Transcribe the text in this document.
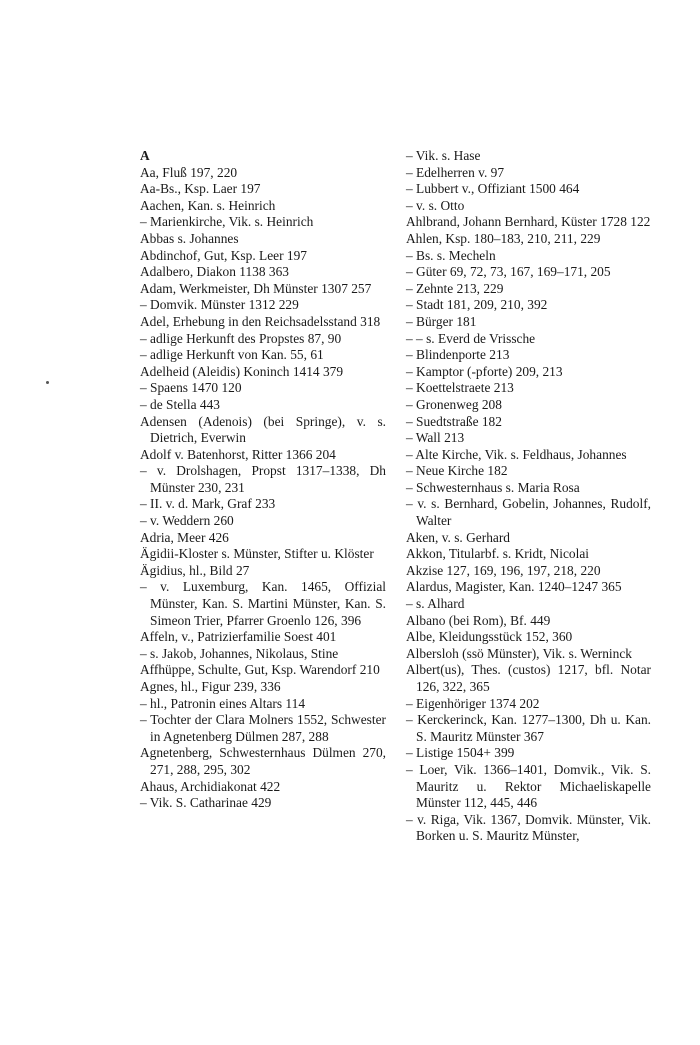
A
Aa, Fluß 197, 220
Aa-Bs., Ksp. Laer 197
Aachen, Kan. s. Heinrich
– Marienkirche, Vik. s. Heinrich
Abbas s. Johannes
Abdinchof, Gut, Ksp. Leer 197
Adalbero, Diakon 1138 363
Adam, Werkmeister, Dh Münster 1307 257
– Domvik. Münster 1312 229
Adel, Erhebung in den Reichsadelsstand 318
– adlige Herkunft des Propstes 87, 90
– adlige Herkunft von Kan. 55, 61
Adelheid (Aleidis) Koninch 1414 379
– Spaens 1470 120
– de Stella 443
Adensen (Adenois) (bei Springe), v. s. Dietrich, Everwin
Adolf v. Batenhorst, Ritter 1366 204
– v. Drolshagen, Propst 1317–1338, Dh Münster 230, 231
– II. v. d. Mark, Graf 233
– v. Weddern 260
Adria, Meer 426
Ägidii-Kloster s. Münster, Stifter u. Klöster
Ägidius, hl., Bild 27
– v. Luxemburg, Kan. 1465, Offizial Münster, Kan. S. Martini Münster, Kan. S. Simeon Trier, Pfarrer Groenlo 126, 396
Affeln, v., Patrizierfamilie Soest 401
– s. Jakob, Johannes, Nikolaus, Stine
Affhüppe, Schulte, Gut, Ksp. Warendorf 210
Agnes, hl., Figur 239, 336
– hl., Patronin eines Altars 114
– Tochter der Clara Molners 1552, Schwester in Agnetenberg Dülmen 287, 288
Agnetenberg, Schwesternhaus Dülmen 270, 271, 288, 295, 302
Ahaus, Archidiakonat 422
– Vik. S. Catharinae 429
– Vik. s. Hase
– Edelherren v. 97
– Lubbert v., Offiziant 1500 464
– v. s. Otto
Ahlbrand, Johann Bernhard, Küster 1728 122
Ahlen, Ksp. 180–183, 210, 211, 229
– Bs. s. Mecheln
– Güter 69, 72, 73, 167, 169–171, 205
– Zehnte 213, 229
– Stadt 181, 209, 210, 392
– Bürger 181
– – s. Everd de Vrissche
– Blindenporte 213
– Kamptor (-pforte) 209, 213
– Koettelstraete 213
– Gronenweg 208
– Suedtstraße 182
– Wall 213
– Alte Kirche, Vik. s. Feldhaus, Johannes
– Neue Kirche 182
– Schwesternhaus s. Maria Rosa
– v. s. Bernhard, Gobelin, Johannes, Rudolf, Walter
Aken, v. s. Gerhard
Akkon, Titularbf. s. Kridt, Nicolai
Akzise 127, 169, 196, 197, 218, 220
Alardus, Magister, Kan. 1240–1247 365
– s. Alhard
Albano (bei Rom), Bf. 449
Albe, Kleidungsstück 152, 360
Albersloh (ssö Münster), Vik. s. Werninck
Albert(us), Thes. (custos) 1217, bfl. Notar 126, 322, 365
– Eigenhöriger 1374 202
– Kerckerinck, Kan. 1277–1300, Dh u. Kan. S. Mauritz Münster 367
– Listige 1504+ 399
– Loer, Vik. 1366–1401, Domvik., Vik. S. Mauritz u. Rektor Michaeliskapelle Münster 112, 445, 446
– v. Riga, Vik. 1367, Domvik. Münster, Vik. Borken u. S. Mauritz Münster,
